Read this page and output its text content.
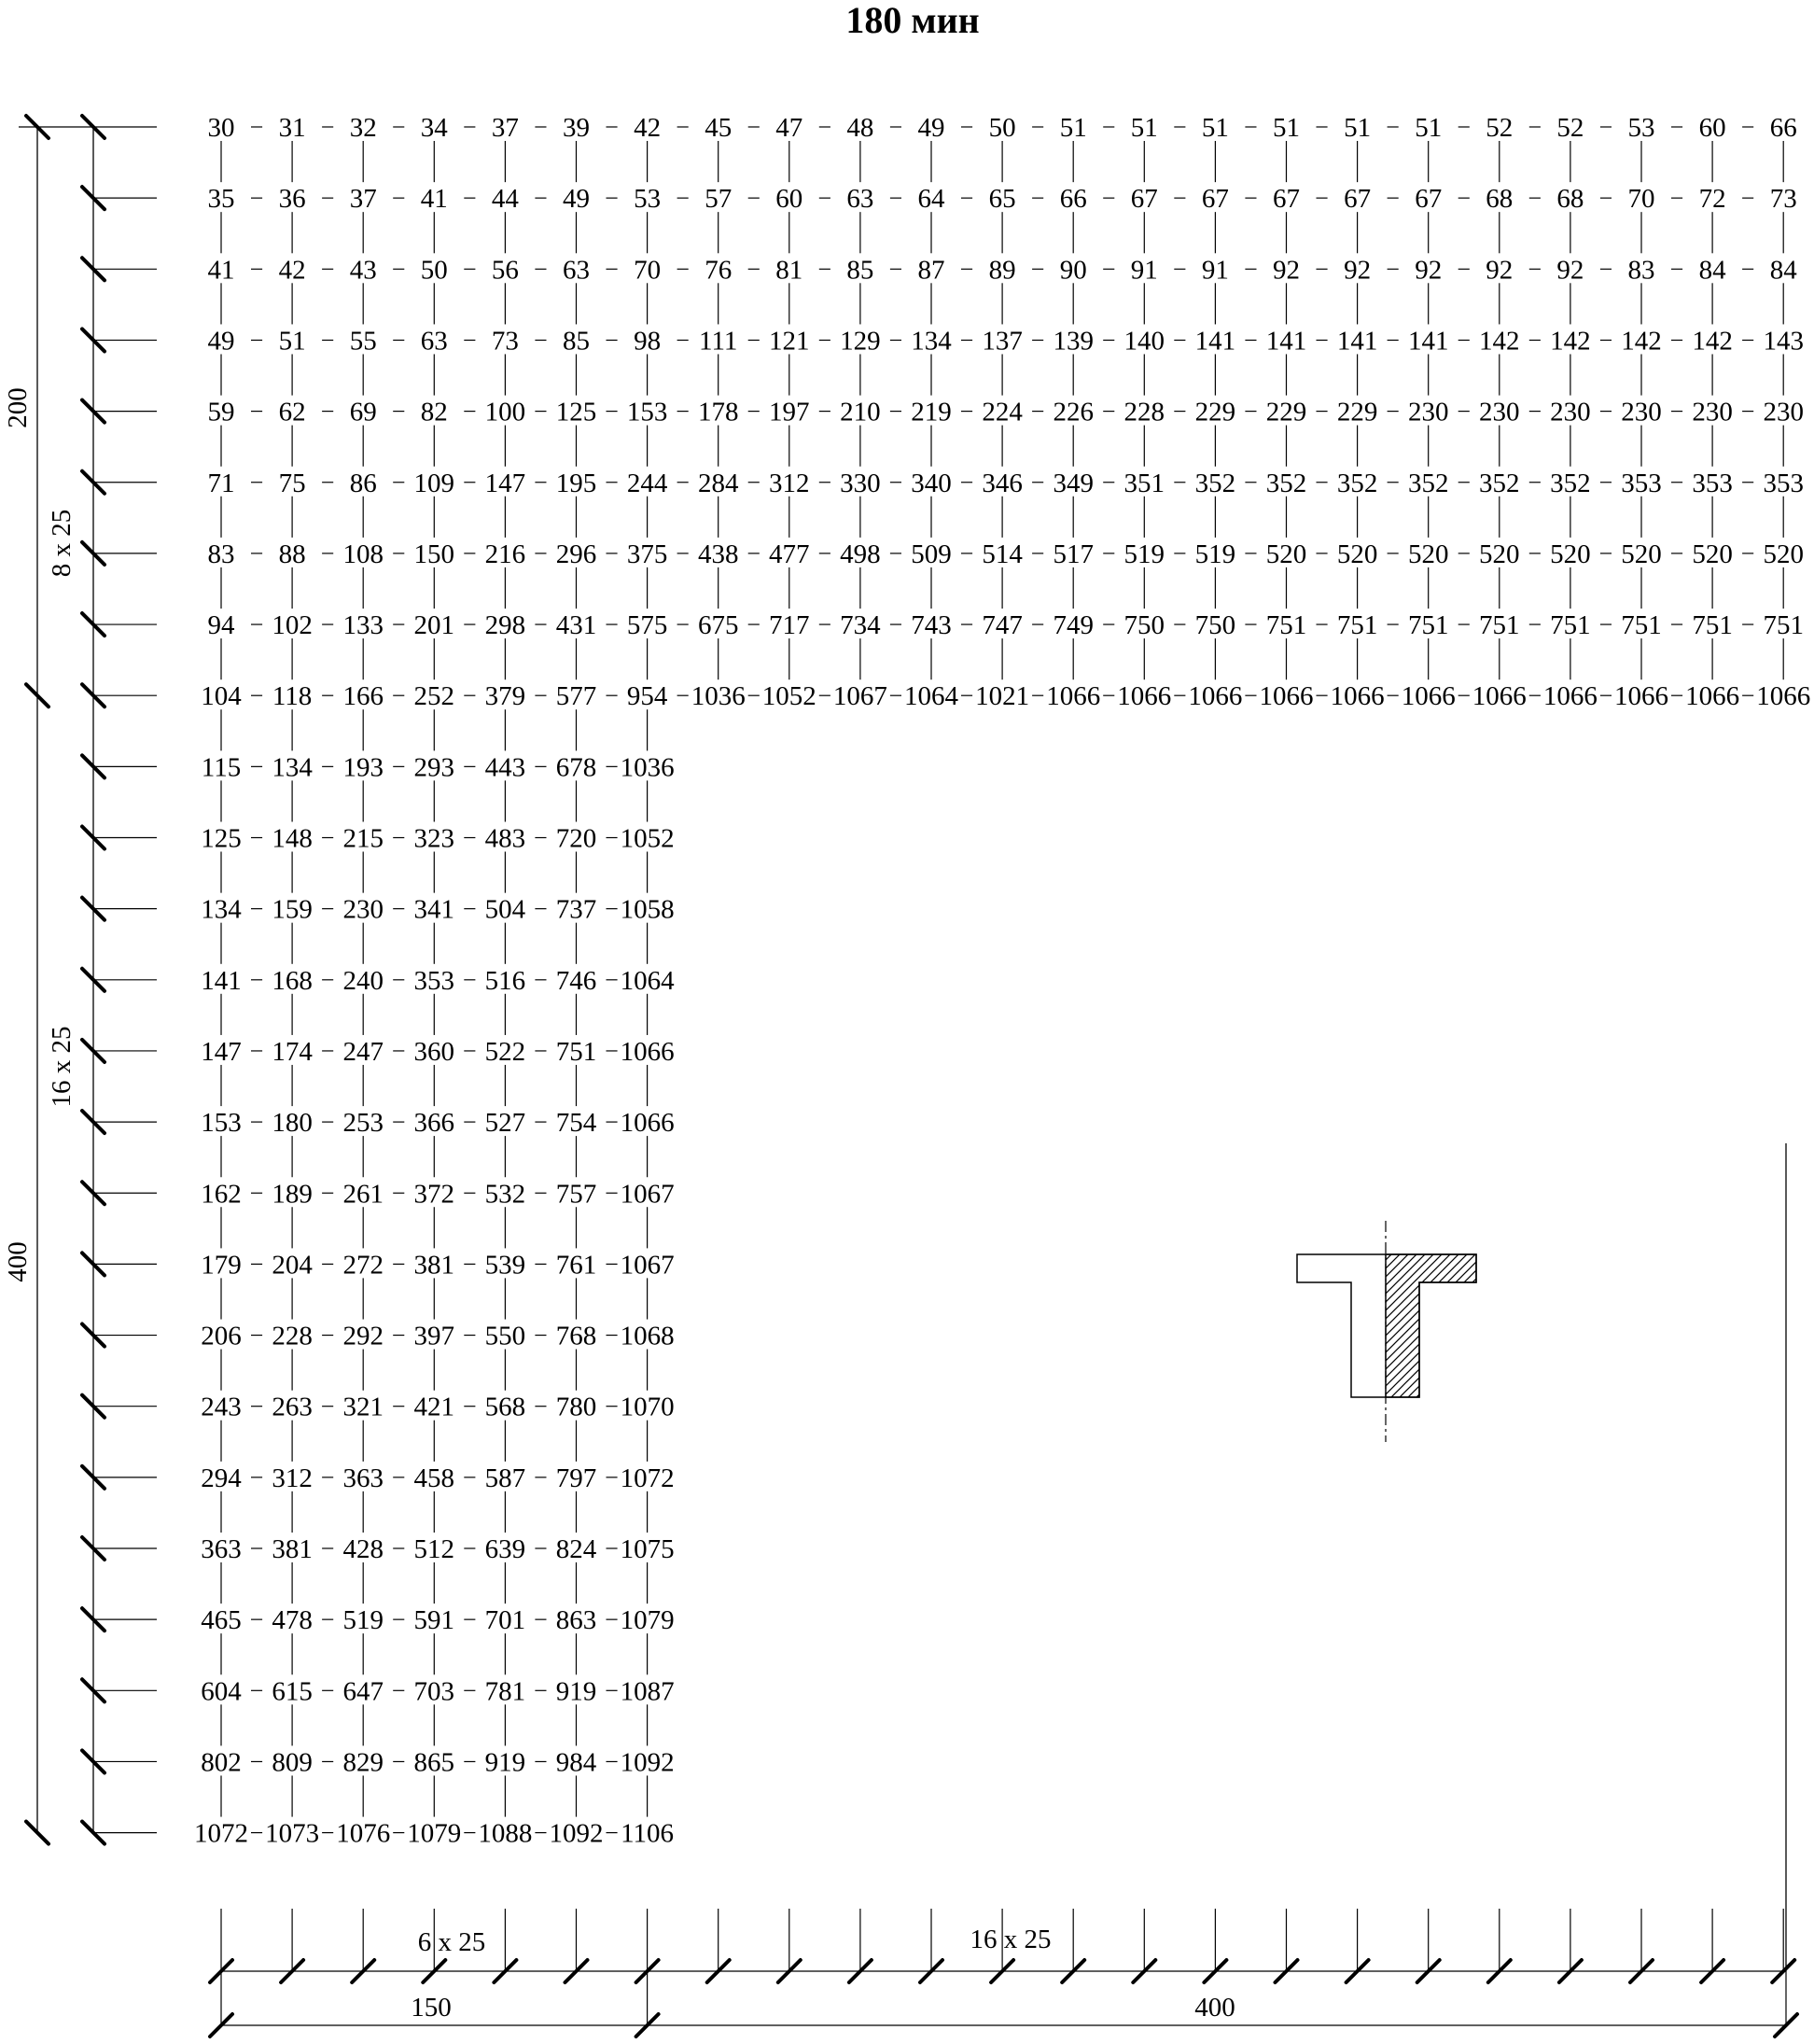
180 мин
30 31 32 34 37 39 42 45 47 48 49 50 51 51 51 51 51 51 52 52 53 60 66
35 36 37 41 44 49 53 57 60 63 64 65 66 67 67 67 67 67 68 68 70 72 73
41 42 43 50 56 63 70 76 81 85 87 89 90 91 91 92 92 92 92 92 83 84 84
49 51 55 63 73 85 98 111 121 129 134 137 139 140 141 141 141 141 142 142 142 142 143
59 62 69 82 100 125 153 178 197 210 219 224 226 228 229 229 229 230 230 230 230 230 230
71 75 86 109 147 195 244 284 312 330 340 346 349 351 352 352 352 352 352 352 353 353 353
83 88 108 150 216 296 375 438 477 498 509 514 517 519 519 520 520 520 520 520 520 520 520
94 102 133 201 298 431 575 675 717 734 743 747 749 750 750 751 751 751 751 751 751 751 751
104 118 166 252 379 577 954 1036 1052 1067 1064 1021 1066 1066 1066 1066 1066 1066 1066 1066 1066 1066 1066
115 134 193 293 443 678 1036
125 148 215 323 483 720 1052
134 159 230 341 504 737 1058
141 168 240 353 516 746 1064
147 174 247 360 522 751 1066
153 180 253 366 527 754 1066
162 189 261 372 532 757 1067
179 204 272 381 539 761 1067
206 228 292 397 550 768 1068
243 263 321 421 568 780 1070
294 312 363 458 587 797 1072
363 381 428 512 639 824 1075
465 478 519 591 701 863 1079
604 615 647 703 781 919 1087
802 809 829 865 919 984 1092
1072 1073 1076 1079 1088 1092 1106
200
400
8 x 25
16 x 25
6 x 25	16 x 25
150	400
